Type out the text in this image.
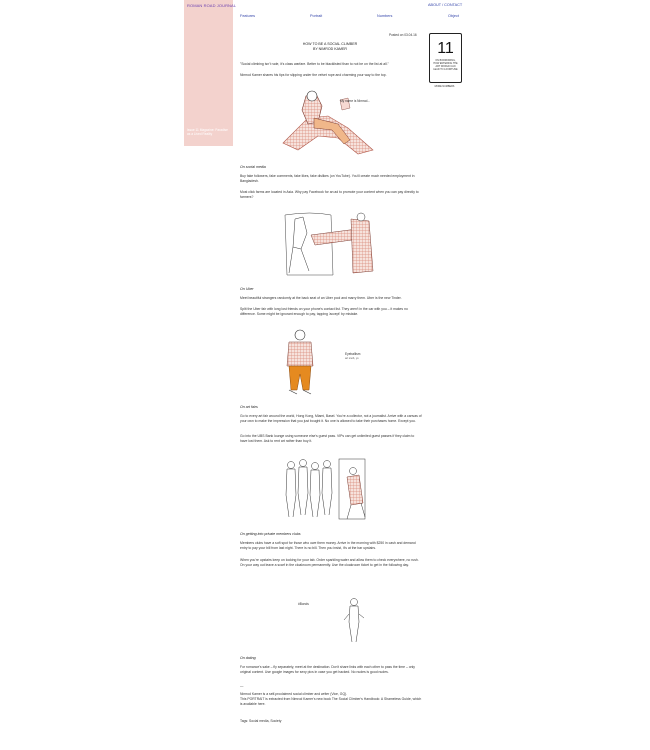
ROMAN ROAD JOURNAL
Issue 11 Magazine: Paradise as a Lived Reality
ABOUT / CONTACT
Features	Portrait	Numbers	Object
Posted on 03.04.16
HOW TO BE A SOCIAL CLIMBER
BY NIMROD KAMER	11
ON BORROWING, HOW ENTERING THE ART WORLD CAN LEAD TO A FORTUNE
MORE NUMBERS
"Social climbing isn't rude, it's class warfare. Better to be blacklisted than to not be on the list at all."
Nimrod Kamer shares his tips for slipping under the velvet rope and charming your way to the top.
My name is Nimrod...
On social media
Buy fake followers, fake comments, fake likes, fake dislikes (on YouTube). You'll create much needed employment in Bangladesh.
Most click farms are located in Asia. Why pay Facebook for an ad to promote your content when you can pay directly to farmers?
On Uber
Meet beautiful strangers randomly at the back seat of an Uber pool and marry them. Uber is the new Tinder.
Split the Uber fair with long lost friends on your phone's contact list. They aren't in the car with you – it makes no difference. Some might be ignorant enough to pay, tapping 'accept' by mistake.
Eyeballism
art snob, yo
On art fairs
Go to every art fair around the world, Hong Kong, Miami, Basel. You're a collector, not a journalist. Arrive with a canvas of your own to make the impression that you just bought it. No one is allowed to take their purchases home. Except you.
Go into the UBS Bank lounge using someone else's guest pass. VIPs can get unlimited guest passes if they claim to have lost them. Ask to rent art rather than buy it.
On getting into private members clubs
Members clubs have a soft spot for those who owe them money. Arrive in the morning with $250 in cash and demand entry to pay your bill from last night. There is no bill. Then you insist, it's at the bar upstairs.
When you're upstairs keep on looking for your tab. Order sparkling water and allow them to check everywhere, no rush. On your way out leave a scarf in the cloakroom permanently. Use the cloakroom ticket to get in the following day.
#Bonds
On dating
For romance's sake – fly separately, meet at the destination. Don't share links with each other to pass the time – only original content. Use google images for sexy pics in case you get hacked. No nudes is good nudes.
—
Nimrod Kamer is a self-proclaimed social climber and writer (Vice, GQ).
This PORTRAIT is extracted from Nimrod Kamer's new book The Social Climber's Handbook: A Shameless Guide, which is available here.
Tags: Social media, Society
